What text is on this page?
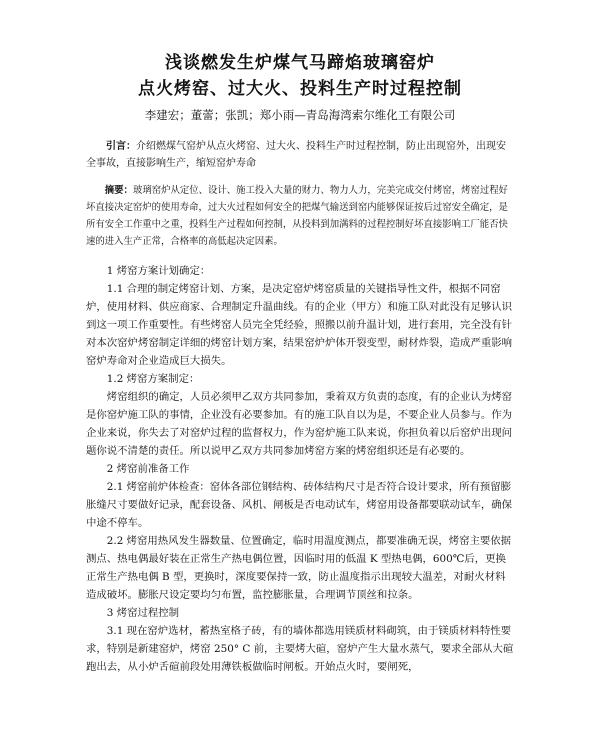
浅谈燃发生炉煤气马蹄焰玻璃窑炉
点火烤窑、过大火、投料生产时过程控制
李建宏；董蕾；张凯；郑小雨—青岛海湾索尔维化工有限公司

引言：介绍燃煤气窑炉从点火烤窑、过大火、投料生产时过程控制，防止出现窑外，出现安全事故，直接影响生产，缩短窑炉寿命

摘要：玻璃窑炉从定位、设计、施工投入大量的财力、物力人力，完美完成交付烤窑，烤窑过程好坏直接决定窑炉的使用寿命，过大火过程如何安全的把煤气输送到窑内能够保证按后过窑安全确定，是所有安全工作重中之重，投料生产过程如何控制，从投料到加满料的过程控制好坏直接影响工厂能否快速的进入生产正常，合格率的高低起决定因素。

1 烤窑方案计划确定：

1.1 合理的制定烤窑计划、方案，是决定窑炉烤窑质量的关键指导性文件，根据不同窑炉，使用材料、供应商家、合理制定升温曲线。有的企业（甲方）和施工队对此没有足够认识到这一项工作重要性。有些烤窑人员完全凭经验，照搬以前升温计划，进行套用，完全没有针对本次窑炉烤窑制定详细的烤窑计划方案，结果窑炉炉体开裂变型，耐材炸裂，造成严重影响窑炉寿命对企业造成巨大损失。

1.2 烤窑方案制定：

烤窑组织的确定，人员必须甲乙双方共同参加，秉着双方负责的态度，有的企业认为烤窑是你窑炉施工队的事情，企业没有必要参加。有的施工队自以为是，不要企业人员参与。作为企业来说，你失去了对窑炉过程的监督权力，作为窑炉施工队来说，你担负着以后窑炉出现问题你说不清楚的责任。所以说甲乙双方共同参加烤窑方案的烤窑组织还是有必要的。

2 烤窑前准备工作

2.1 烤窑前炉体检查：窑体各部位钢结构、砖体结构尺寸是否符合设计要求，所有预留膨胀缝尺寸要做好记录，配套设备、风机、闸板是否电动试车，烤窑用设备都要联动试车，确保中途不停车。

2.2 烤窑用热风发生器数量、位置确定，临时用温度测点，都要准确无误，烤窑主要依据测点、热电偶最好装在正常生产热电偶位置，因临时用的低温 K 型热电偶，600℃后，更换正常生产热电偶 B 型，更换时，深度要保持一致，防止温度指示出现较大温差，对耐火材料造成破坏。膨胀尺设定要均匀布置，监控膨胀量，合理调节顶丝和拉条。

3 烤窑过程控制

3.1 现在窑炉选材，蓄热室格子砖，有的墙体都选用镁质材料砌筑，由于镁质材料特性要求，特别是新建窑炉，烤窑 250° C 前，主要烤大碹，窑炉产生大量水蒸气，要求全部从大碹跑出去，从小炉舌碹前段处用薄铁板做临时闸板。开始点火时，要闸死，
